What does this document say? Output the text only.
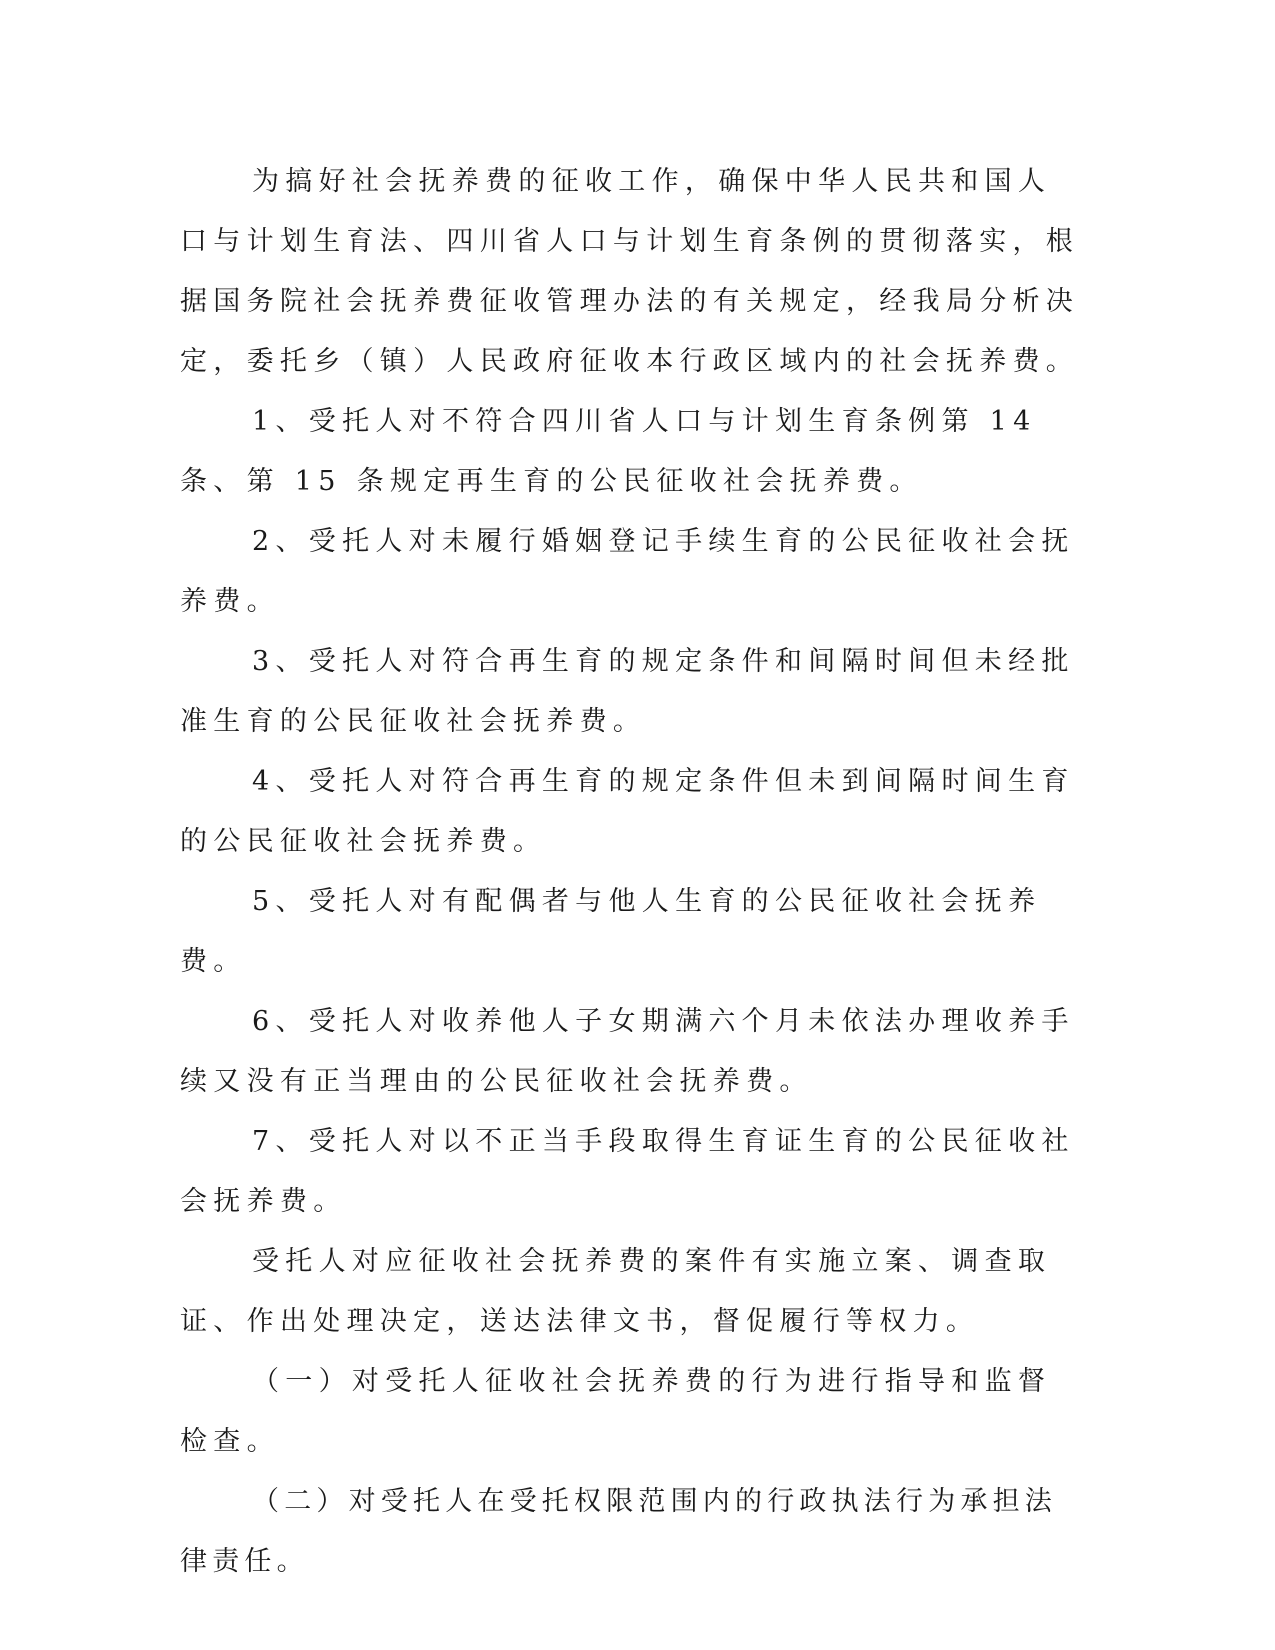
为搞好社会抚养费的征收工作，确保中华人民共和国人口与计划生育法、四川省人口与计划生育条例的贯彻落实，根据国务院社会抚养费征收管理办法的有关规定，经我局分析决定，委托乡（镇）人民政府征收本行政区域内的社会抚养费。

1、受托人对不符合四川省人口与计划生育条例第 14 条、第 15 条规定再生育的公民征收社会抚养费。

2、受托人对未履行婚姻登记手续生育的公民征收社会抚养费。

3、受托人对符合再生育的规定条件和间隔时间但未经批准生育的公民征收社会抚养费。

4、受托人对符合再生育的规定条件但未到间隔时间生育的公民征收社会抚养费。

5、受托人对有配偶者与他人生育的公民征收社会抚养费。

6、受托人对收养他人子女期满六个月未依法办理收养手续又没有正当理由的公民征收社会抚养费。

7、受托人对以不正当手段取得生育证生育的公民征收社会抚养费。

受托人对应征收社会抚养费的案件有实施立案、调查取证、作出处理决定，送达法律文书，督促履行等权力。

（一）对受托人征收社会抚养费的行为进行指导和监督检查。

（二）对受托人在受托权限范围内的行政执法行为承担法律责任。
